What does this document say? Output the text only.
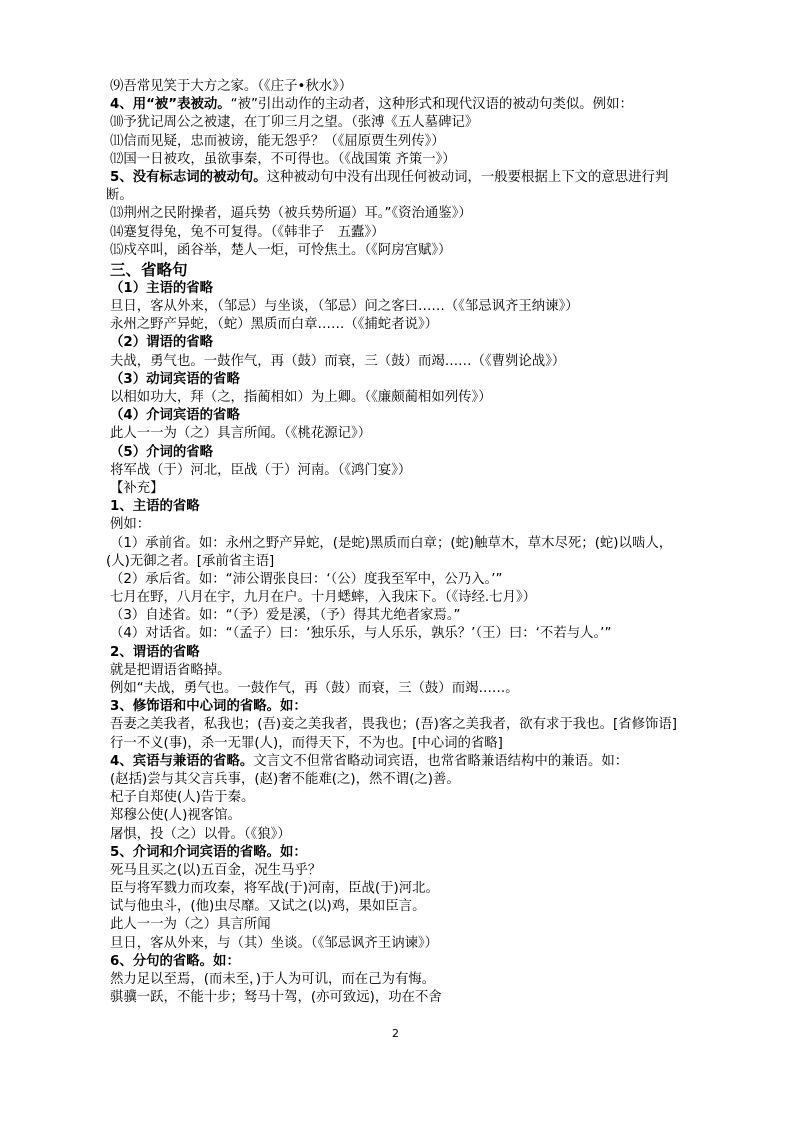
⑼吾常见笑于大方之家。（《庄子•秋水》）
4、用“被”表被动。“被”引出动作的主动者，这种形式和现代汉语的被动句类似。例如：
⑽予犹记周公之被逮，在丁卯三月之望。（张溥《五人墓碑记》
⑾信而见疑，忠而被谤，能无怨乎？（《屈原贾生列传》）
⑿国一日被攻，虽欲事秦，不可得也。（《战国策 齐策一》）
5、没有标志词的被动句。这种被动句中没有出现任何被动词，一般要根据上下文的意思进行判
断。
⒀荆州之民附操者，逼兵势（被兵势所逼）耳。”《资治通鉴》）
⒁蹇复得兔，兔不可复得。（《韩非子　五蠹》）
⒂戍卒叫，函谷举，楚人一炬，可怜焦土。（《阿房宫赋》）
三、省略句
（1）主语的省略
旦日，客从外来，（邹忌）与坐谈，（邹忌）问之客曰……（《邹忌讽齐王纳谏》）
永州之野产异蛇，（蛇）黑质而白章……（《捕蛇者说》）
（2）谓语的省略
夫战，勇气也。一鼓作气，再（鼓）而衰，三（鼓）而竭……（《曹刿论战》）
（3）动词宾语的省略
以相如功大，拜（之，指蔺相如）为上卿。（《廉颇蔺相如列传》）
（4）介词宾语的省略
此人一一为（之）具言所闻。（《桃花源记》）
（5）介词的省略
将军战（于）河北，臣战（于）河南。（《鸿门宴》）
【补充】
1、主语的省略
例如：
（1）承前省。如：永州之野产异蛇，(是蛇)黑质而白章；(蛇)触草木，草木尽死；(蛇)以啮人，
(人)无御之者。[承前省主语]
（2）承后省。如：“沛公谓张良曰：‘（公）度我至军中，公乃入。’”
七月在野，八月在宇，九月在户。十月蟋蟀，入我床下。（《诗经.七月》）
（3）自述省。如：“（予）爱是溪，（予）得其尤绝者家焉。”
（4）对话省。如：“（孟子）曰：‘独乐乐，与人乐乐，孰乐？’（王）曰：‘不若与人。’”
2、谓语的省略
就是把谓语省略掉。
例如“夫战，勇气也。一鼓作气，再（鼓）而衰，三（鼓）而竭……。
3、修饰语和中心词的省略。如：
吾妻之美我者，私我也；(吾)妾之美我者，畏我也；(吾)客之美我者，欲有求于我也。[省修饰语]
行一不义(事)，杀一无罪(人)，而得天下，不为也。[中心词的省略]
4、宾语与兼语的省略。文言文不但常省略动词宾语，也常省略兼语结构中的兼语。如：
(赵括)尝与其父言兵事，(赵)奢不能难(之)，然不谓(之)善。
杞子自郑使(人)告于秦。
郑穆公使(人)视客馆。
屠惧，投（之）以骨。（《狼》）
5、介词和介词宾语的省略。如：
死马且买之(以)五百金，况生马乎？
臣与将军戮力而攻秦，将军战(于)河南，臣战(于)河北。
试与他虫斗，(他)虫尽靡。又试之(以)鸡，果如臣言。
此人一一为（之）具言所闻
旦日，客从外来，与（其）坐谈。（《邹忌讽齐王讷谏》）
6、分句的省略。如：
然力足以至焉，(而未至，)于人为可讥，而在己为有悔。
骐骥一跃，不能十步；驽马十驾，(亦可致远)，功在不舍
2
